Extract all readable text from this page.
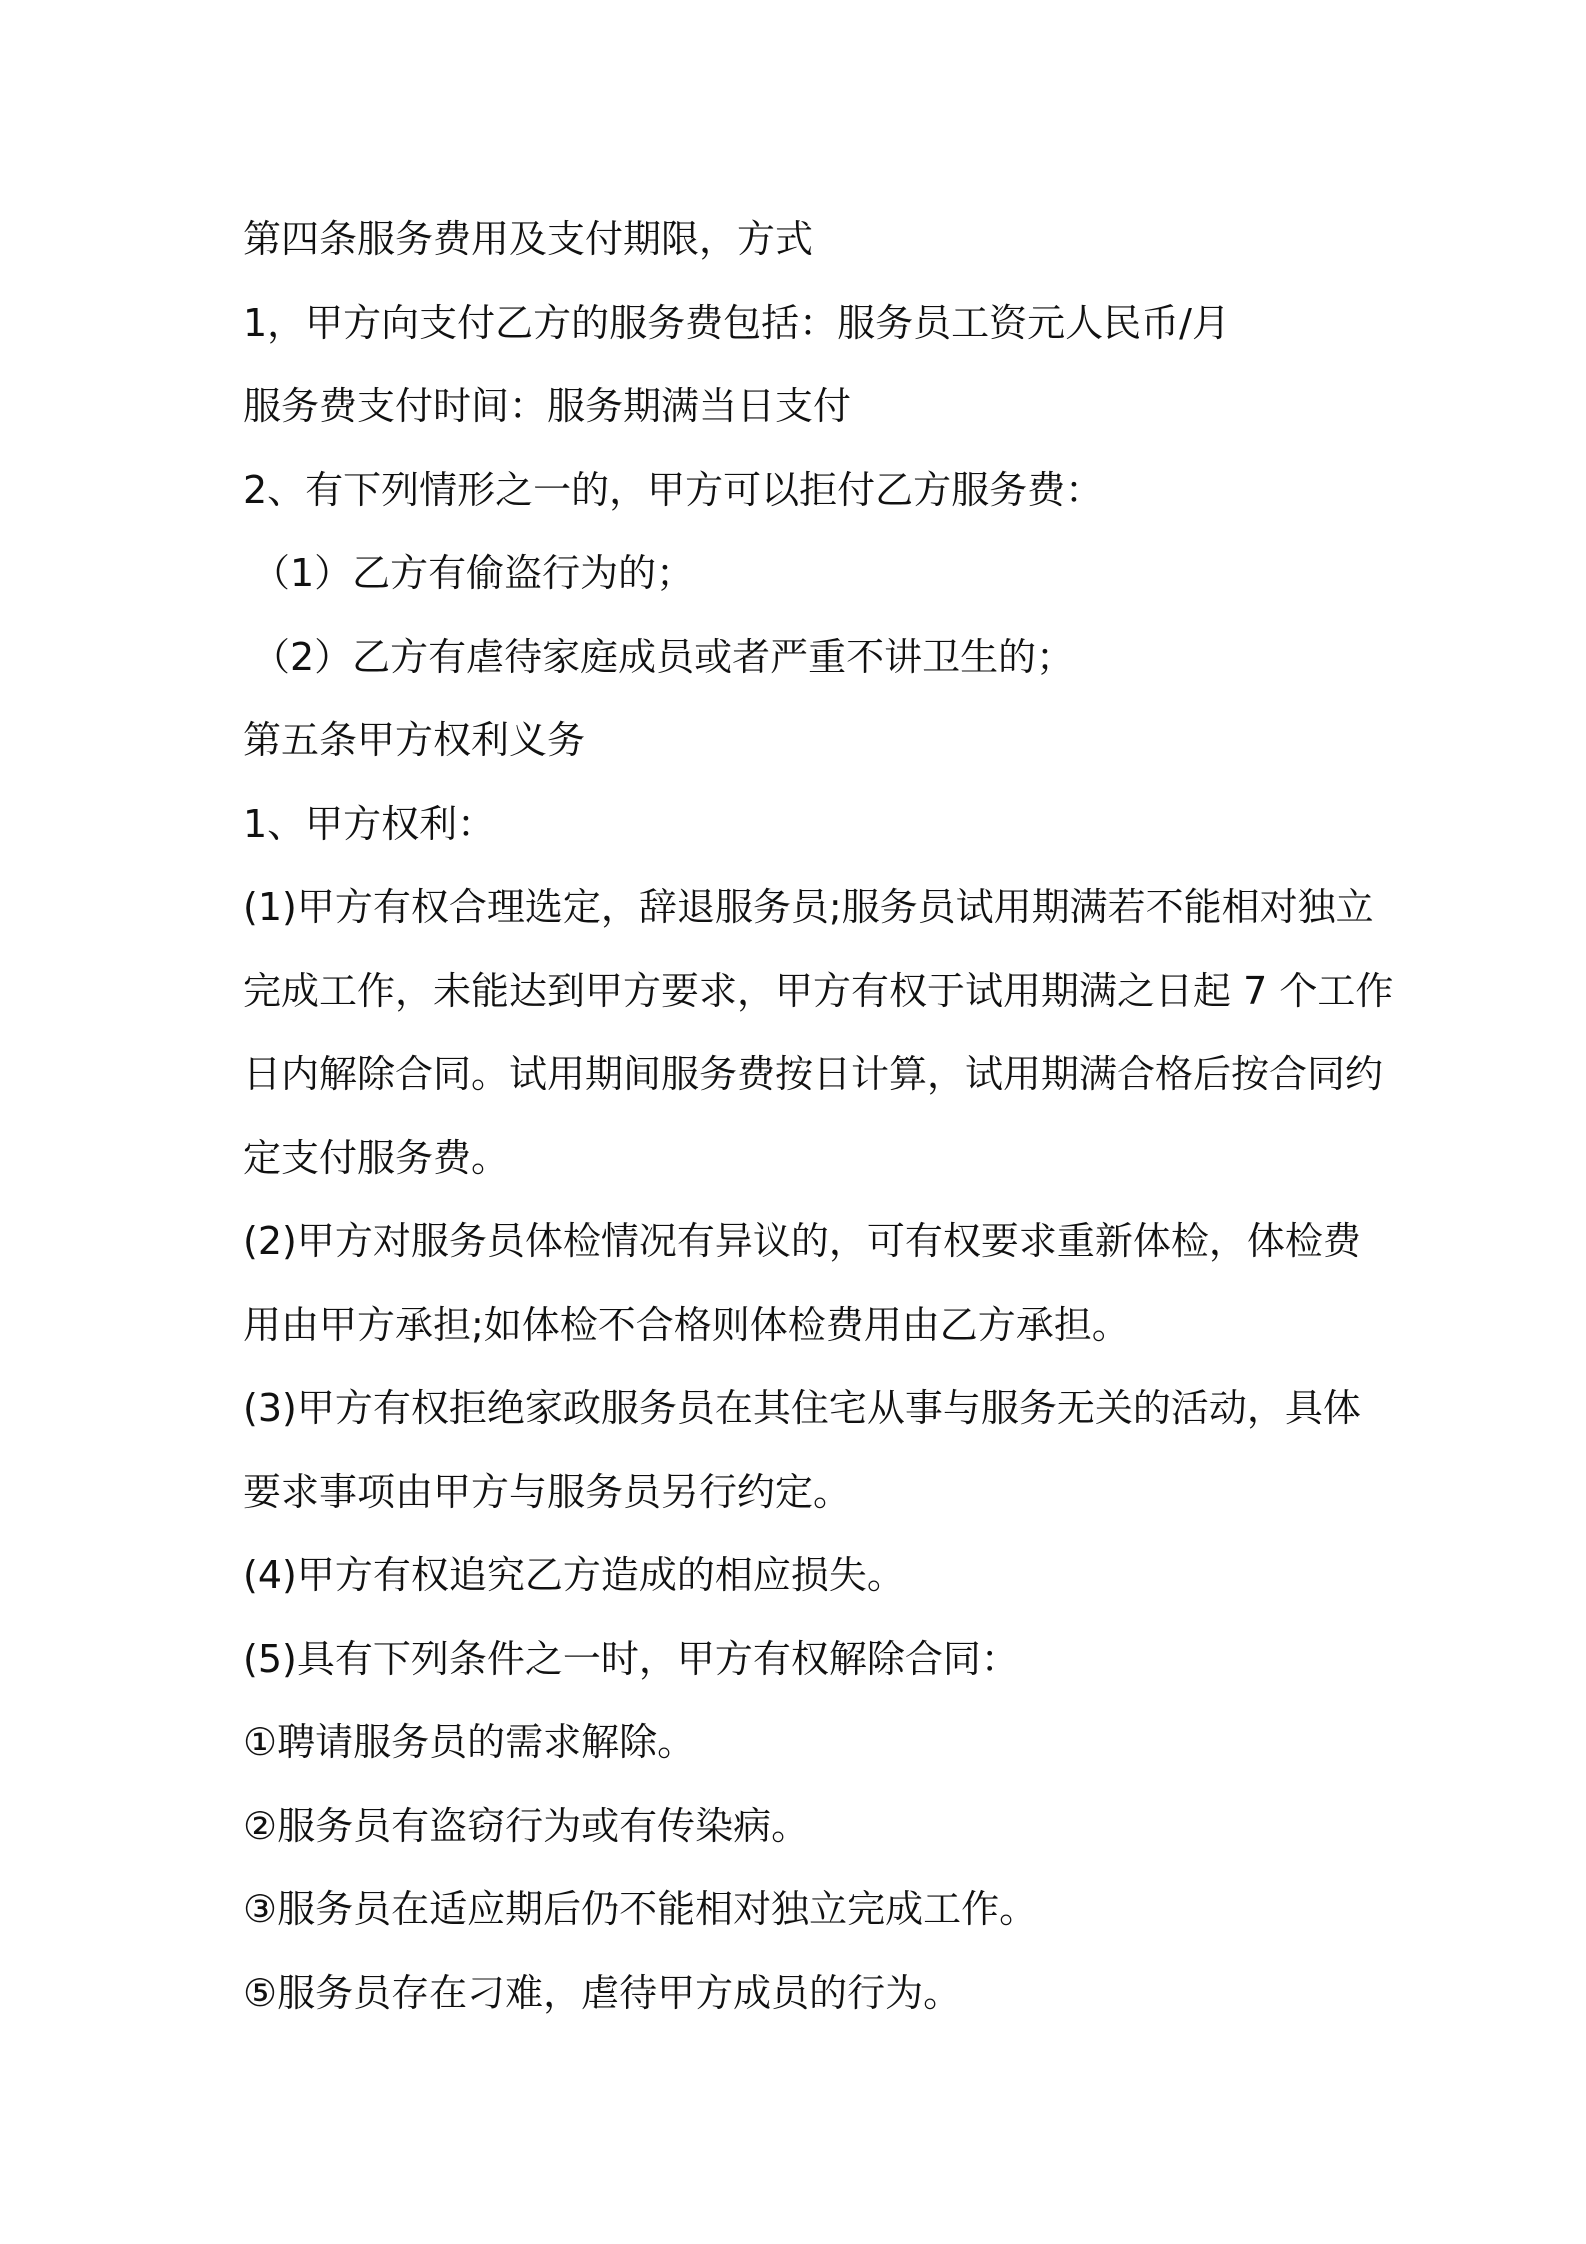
第四条服务费用及支付期限，方式
1，甲方向支付乙方的服务费包括：服务员工资元人民币/月
服务费支付时间：服务期满当日支付
2、有下列情形之一的，甲方可以拒付乙方服务费：
（1）乙方有偷盗行为的；
（2）乙方有虐待家庭成员或者严重不讲卫生的；
第五条甲方权利义务
1、甲方权利：
(1)甲方有权合理选定，辞退服务员;服务员试用期满若不能相对独立
完成工作，未能达到甲方要求，甲方有权于试用期满之日起 7 个工作
日内解除合同。试用期间服务费按日计算，试用期满合格后按合同约
定支付服务费。
(2)甲方对服务员体检情况有异议的，可有权要求重新体检，体检费
用由甲方承担;如体检不合格则体检费用由乙方承担。
(3)甲方有权拒绝家政服务员在其住宅从事与服务无关的活动，具体
要求事项由甲方与服务员另行约定。
(4)甲方有权追究乙方造成的相应损失。
(5)具有下列条件之一时，甲方有权解除合同：
①聘请服务员的需求解除。
②服务员有盗窃行为或有传染病。
③服务员在适应期后仍不能相对独立完成工作。
⑤服务员存在刁难，虐待甲方成员的行为。
